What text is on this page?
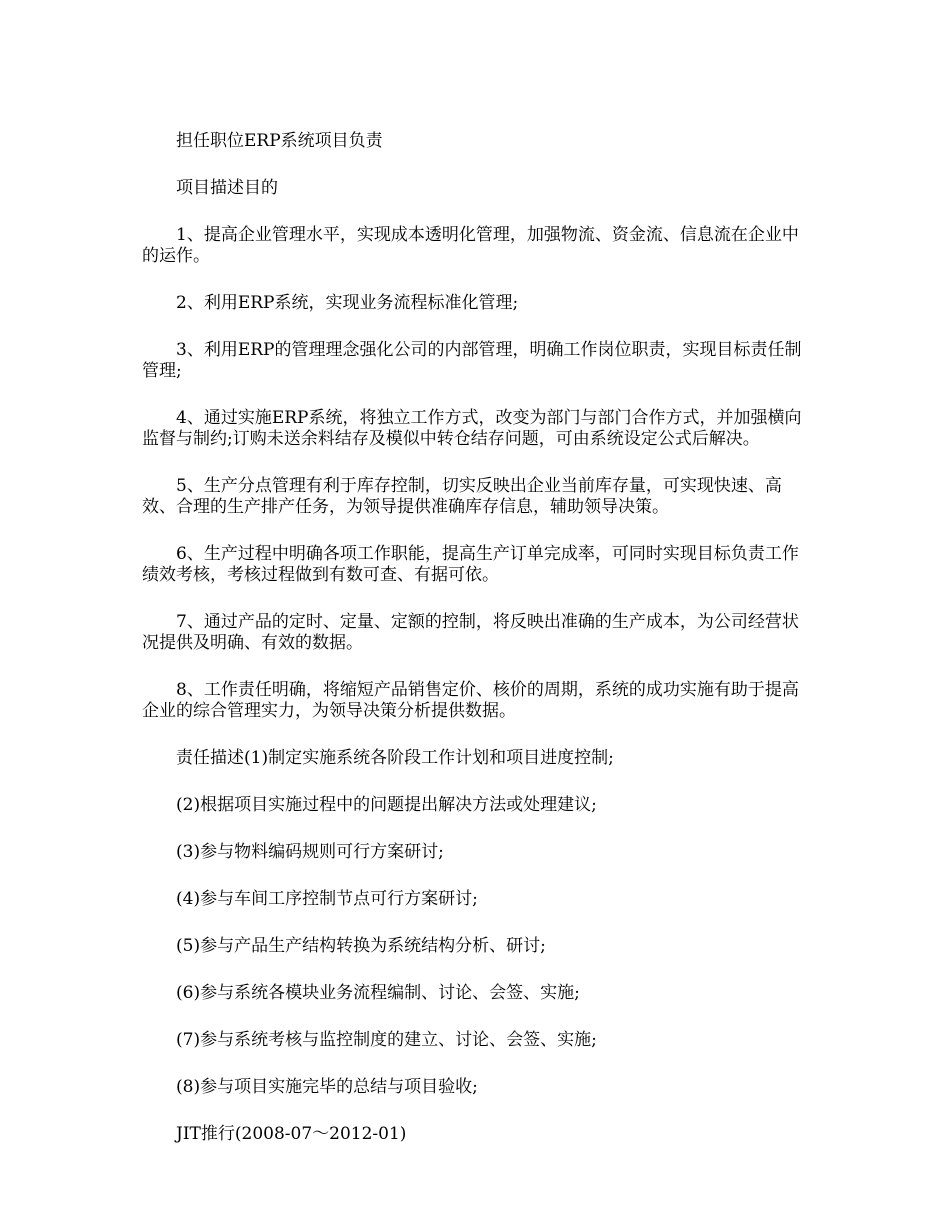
担任职位ERP系统项目负责

项目描述目的

1、提高企业管理水平，实现成本透明化管理，加强物流、资金流、信息流在企业中的运作。

2、利用ERP系统，实现业务流程标准化管理;

3、利用ERP的管理理念强化公司的内部管理，明确工作岗位职责，实现目标责任制管理;

4、通过实施ERP系统，将独立工作方式，改变为部门与部门合作方式，并加强横向监督与制约;订购未送余料结存及模似中转仓结存问题，可由系统设定公式后解决。

5、生产分点管理有利于库存控制，切实反映出企业当前库存量，可实现快速、高效、合理的生产排产任务，为领导提供准确库存信息，辅助领导决策。

6、生产过程中明确各项工作职能，提高生产订单完成率，可同时实现目标负责工作绩效考核，考核过程做到有数可查、有据可依。

7、通过产品的定时、定量、定额的控制，将反映出准确的生产成本，为公司经营状况提供及明确、有效的数据。

8、工作责任明确，将缩短产品销售定价、核价的周期，系统的成功实施有助于提高企业的综合管理实力，为领导决策分析提供数据。

责任描述(1)制定实施系统各阶段工作计划和项目进度控制;

(2)根据项目实施过程中的问题提出解决方法或处理建议;

(3)参与物料编码规则可行方案研讨;

(4)参与车间工序控制节点可行方案研讨;

(5)参与产品生产结构转换为系统结构分析、研讨;

(6)参与系统各模块业务流程编制、讨论、会签、实施;

(7)参与系统考核与监控制度的建立、讨论、会签、实施;

(8)参与项目实施完毕的总结与项目验收;

JIT推行(2008-07～2012-01)
